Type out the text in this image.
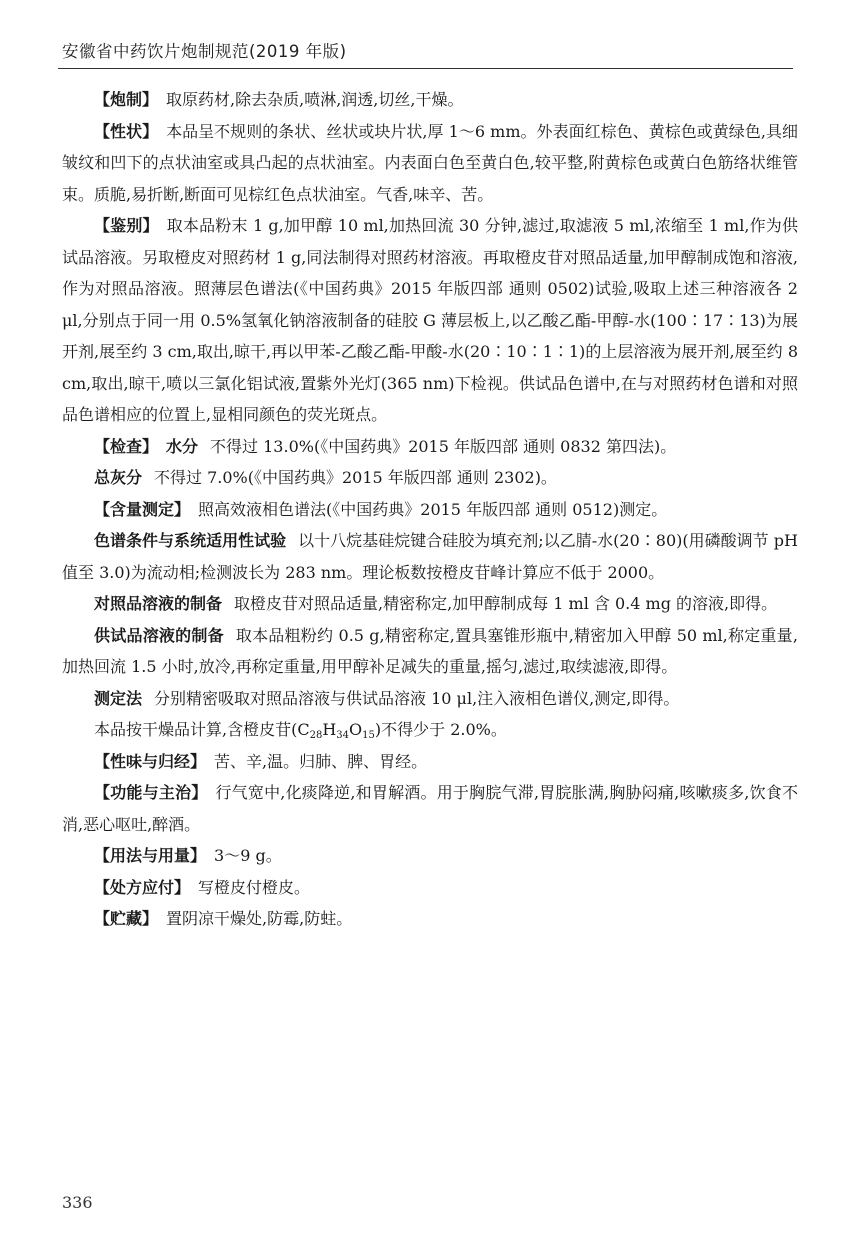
安徽省中药饮片炮制规范(2019 年版)

【炮制】 取原药材,除去杂质,喷淋,润透,切丝,干燥。

【性状】 本品呈不规则的条状、丝状或块片状,厚 1～6 mm。外表面红棕色、黄棕色或黄绿色,具细皱纹和凹下的点状油室或具凸起的点状油室。内表面白色至黄白色,较平整,附黄棕色或黄白色筋络状维管束。质脆,易折断,断面可见棕红色点状油室。气香,味辛、苦。

【鉴别】 取本品粉末 1 g,加甲醇 10 ml,加热回流 30 分钟,滤过,取滤液 5 ml,浓缩至 1 ml,作为供试品溶液。另取橙皮对照药材 1 g,同法制得对照药材溶液。再取橙皮苷对照品适量,加甲醇制成饱和溶液,作为对照品溶液。照薄层色谱法(《中国药典》2015 年版四部 通则 0502)试验,吸取上述三种溶液各 2 μl,分别点于同一用 0.5%氢氧化钠溶液制备的硅胶 G 薄层板上,以乙酸乙酯-甲醇-水(100∶17∶13)为展开剂,展至约 3 cm,取出,晾干,再以甲苯-乙酸乙酯-甲酸-水(20∶10∶1∶1)的上层溶液为展开剂,展至约 8 cm,取出,晾干,喷以三氯化铝试液,置紫外光灯(365 nm)下检视。供试品色谱中,在与对照药材色谱和对照品色谱相应的位置上,显相同颜色的荧光斑点。

【检查】 水分 不得过 13.0%(《中国药典》2015 年版四部 通则 0832 第四法)。

总灰分 不得过 7.0%(《中国药典》2015 年版四部 通则 2302)。

【含量测定】 照高效液相色谱法(《中国药典》2015 年版四部 通则 0512)测定。

色谱条件与系统适用性试验 以十八烷基硅烷键合硅胶为填充剂;以乙腈-水(20∶80)(用磷酸调节 pH 值至 3.0)为流动相;检测波长为 283 nm。理论板数按橙皮苷峰计算应不低于 2000。

对照品溶液的制备 取橙皮苷对照品适量,精密称定,加甲醇制成每 1 ml 含 0.4 mg 的溶液,即得。

供试品溶液的制备 取本品粗粉约 0.5 g,精密称定,置具塞锥形瓶中,精密加入甲醇 50 ml,称定重量,加热回流 1.5 小时,放冷,再称定重量,用甲醇补足减失的重量,摇匀,滤过,取续滤液,即得。

测定法 分别精密吸取对照品溶液与供试品溶液 10 μl,注入液相色谱仪,测定,即得。

本品按干燥品计算,含橙皮苷$(C_{28}H_{34}O_{15})$不得少于 2.0%。

【性味与归经】 苦、辛,温。归肺、脾、胃经。

【功能与主治】 行气宽中,化痰降逆,和胃解酒。用于胸脘气滞,胃脘胀满,胸胁闷痛,咳嗽痰多,饮食不消,恶心呕吐,醉酒。

【用法与用量】 3～9 g。

【处方应付】 写橙皮付橙皮。

【贮藏】 置阴凉干燥处,防霉,防蛀。

336
